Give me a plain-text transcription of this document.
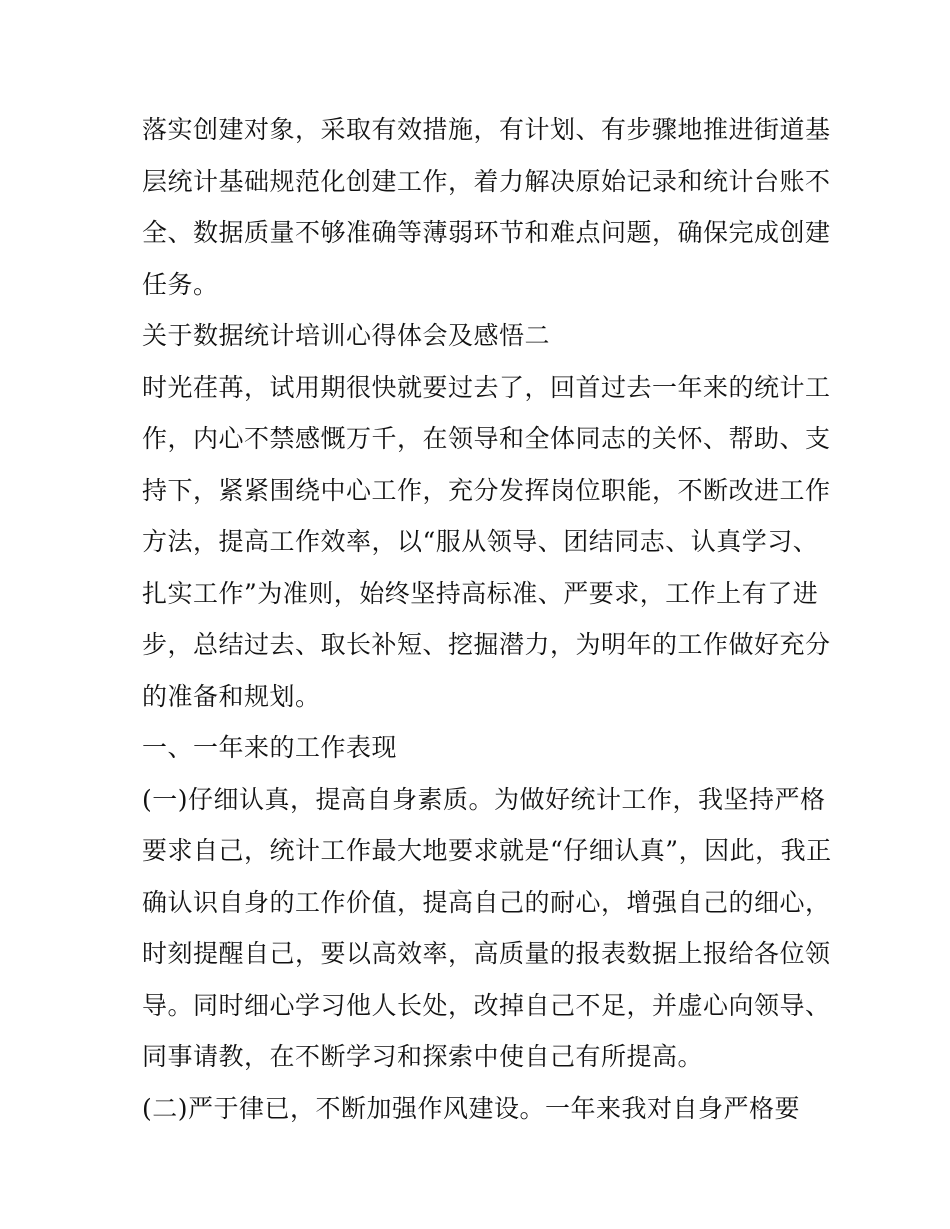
落实创建对象，采取有效措施，有计划、有步骤地推进街道基
层统计基础规范化创建工作，着力解决原始记录和统计台账不
全、数据质量不够准确等薄弱环节和难点问题，确保完成创建
任务。
关于数据统计培训心得体会及感悟二
时光荏苒，试用期很快就要过去了，回首过去一年来的统计工
作，内心不禁感慨万千，在领导和全体同志的关怀、帮助、支
持下，紧紧围绕中心工作，充分发挥岗位职能，不断改进工作
方法，提高工作效率，以“服从领导、团结同志、认真学习、
扎实工作”为准则，始终坚持高标准、严要求，工作上有了进
步，总结过去、取长补短、挖掘潜力，为明年的工作做好充分
的准备和规划。
一、一年来的工作表现
(一)仔细认真，提高自身素质。为做好统计工作，我坚持严格
要求自己，统计工作最大地要求就是“仔细认真”，因此，我正
确认识自身的工作价值，提高自己的耐心，增强自己的细心，
时刻提醒自己，要以高效率，高质量的报表数据上报给各位领
导。同时细心学习他人长处，改掉自己不足，并虚心向领导、
同事请教，在不断学习和探索中使自己有所提高。
(二)严于律已，不断加强作风建设。一年来我对自身严格要
